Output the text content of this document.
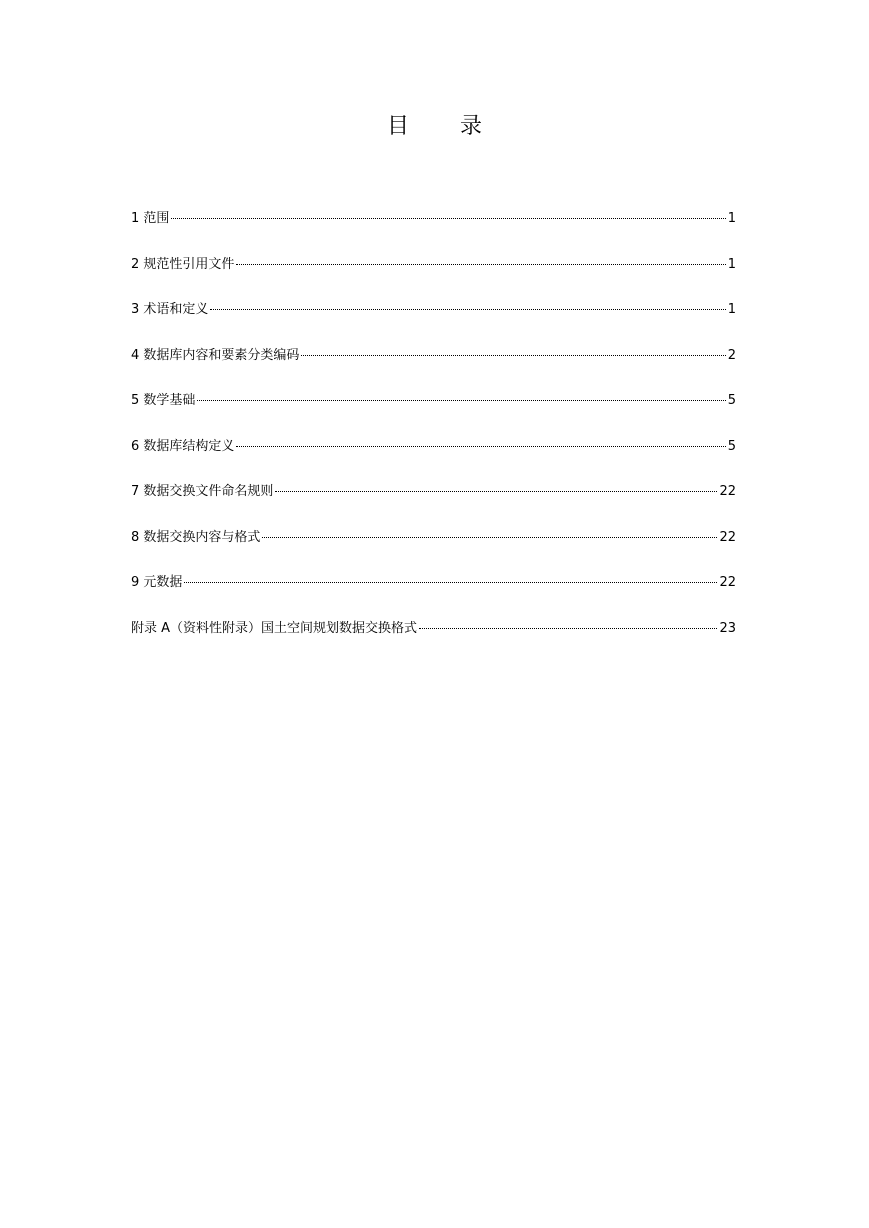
目 录
1 范围	1
2 规范性引用文件	1
3 术语和定义	1
4 数据库内容和要素分类编码	2
5 数学基础	5
6 数据库结构定义	5
7 数据交换文件命名规则	22
8 数据交换内容与格式	22
9 元数据	22
附录 A（资料性附录）国土空间规划数据交换格式	23
